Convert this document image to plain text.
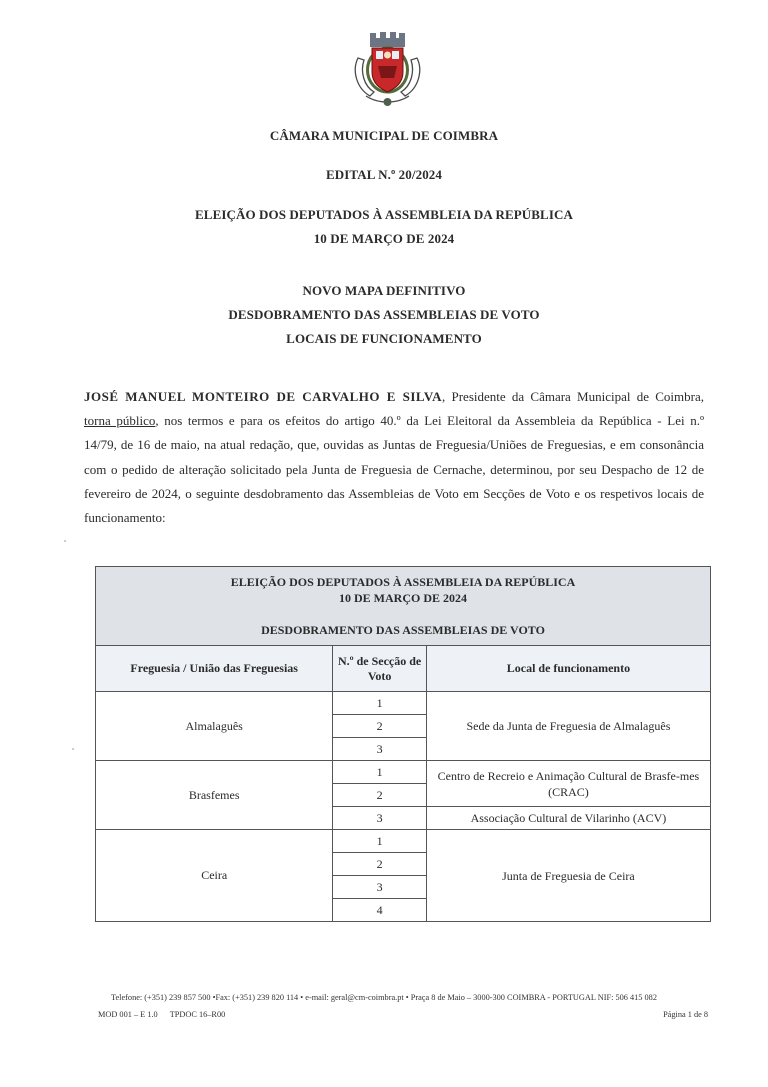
CÂMARA MUNICIPAL DE COIMBRA
EDITAL N.º 20/2024
ELEIÇÃO DOS DEPUTADOS À ASSEMBLEIA DA REPÚBLICA
10 DE MARÇO DE 2024
NOVO MAPA DEFINITIVO
DESDOBRAMENTO DAS ASSEMBLEIAS DE VOTO
LOCAIS DE FUNCIONAMENTO
JOSÉ MANUEL MONTEIRO DE CARVALHO E SILVA, Presidente da Câmara Municipal de Coimbra, torna público, nos termos e para os efeitos do artigo 40.º da Lei Eleitoral da Assembleia da República - Lei n.º 14/79, de 16 de maio, na atual redação, que, ouvidas as Juntas de Freguesia/Uniões de Freguesias, e em consonância com o pedido de alteração solicitado pela Junta de Freguesia de Cernache, determinou, por seu Despacho de 12 de fevereiro de 2024, o seguinte desdobramento das Assembleias de Voto em Secções de Voto e os respetivos locais de funcionamento:
ELEIÇÃO DOS DEPUTADOS À ASSEMBLEIA DA REPÚBLICA
10 DE MARÇO DE 2024
DESDOBRAMENTO DAS ASSEMBLEIAS DE VOTO		

Freguesia / União das Freguesias	N.º de Secção de Voto	Local de funcionamento
Almalaguês	1	Sede da Junta de Freguesia de Almalaguês
	2	
	3	
Brasfemes	1	Centro de Recreio e Animação Cultural de Brasfe-mes (CRAC)
	2	
	3	Associação Cultural de Vilarinho (ACV)
Ceira	1	Junta de Freguesia de Ceira
	2	
	3	
	4	
Telefone: (+351) 239 857 500 •Fax: (+351) 239 820 114 • e-mail: geral@cm-coimbra.pt • Praça 8 de Maio – 3000-300 COIMBRA - PORTUGAL NIF: 506 415 082
MOD 001 – E 1.0 TPDOC 16–R00	Página 1 de 8
